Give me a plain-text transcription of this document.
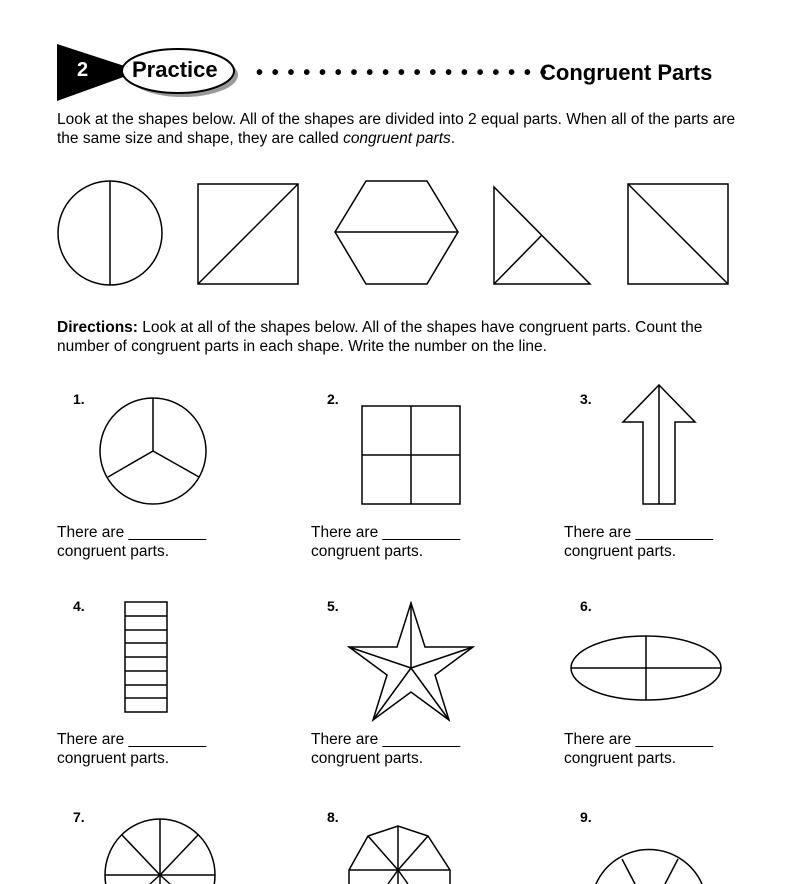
2 Practice • • • • • • • • • • • • • • • • • • •
Congruent Parts
Look at the shapes below. All of the shapes are divided into 2 equal parts. When all of the parts are the same size and shape, they are called congruent parts.
Directions: Look at all of the shapes below. All of the shapes have congruent parts. Count the number of congruent parts in each shape. Write the number on the line.
1.	2.	3.
4.	5.	6.
7.	8.	9.
There are _________
congruent parts.
There are _________
congruent parts.
There are _________
congruent parts.
There are _________
congruent parts.
There are _________
congruent parts.
There are _________
congruent parts.
